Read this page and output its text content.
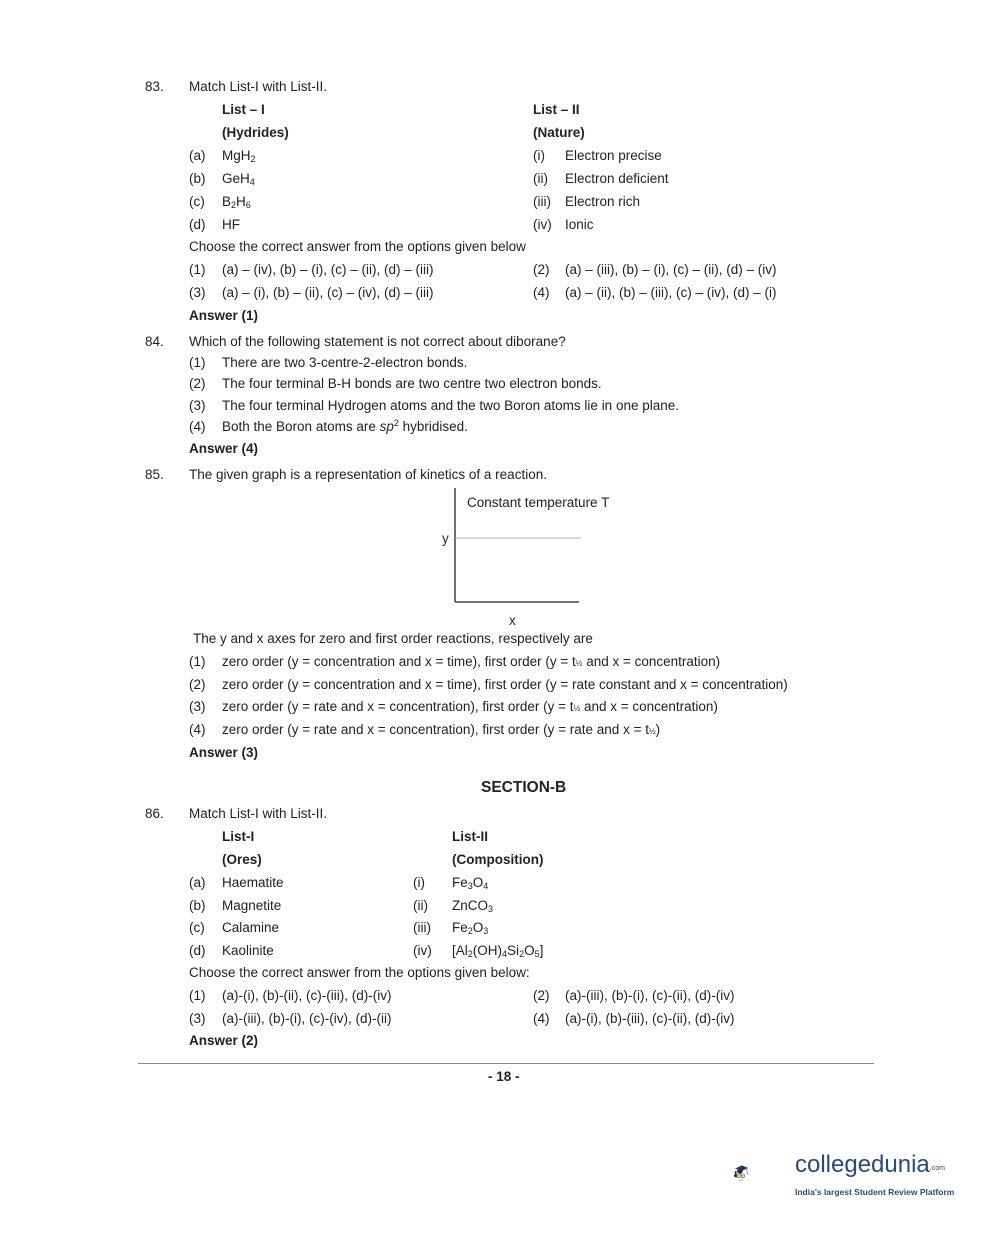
83. Match List-I with List-II.
List – I	List – II
(Hydrides)	(Nature)
(a) MgH$_2$	(i) Electron precise
(b) GeH$_4$	(ii) Electron deficient
(c) $B_2H_6$	(iii) Electron rich
(d) HF	(iv) Ionic
Choose the correct answer from the options given below
(1) (a) – (iv), (b) – (i), (c) – (ii), (d) – (iii)	(2) (a) – (iii), (b) – (i), (c) – (ii), (d) – (iv)
(3) (a) – (i), (b) – (ii), (c) – (iv), (d) – (iii)	(4) (a) – (ii), (b) – (iii), (c) – (iv), (d) – (i)
Answer (1)
84. Which of the following statement is not correct about diborane?
(1) There are two 3-centre-2-electron bonds.
(2) The four terminal B-H bonds are two centre two electron bonds.
(3) The four terminal Hydrogen atoms and the two Boron atoms lie in one plane.
(4) Both the Boron atoms are $sp^2$ hybridised.
Answer (4)
85. The given graph is a representation of kinetics of a reaction.
Constant temperature T
y
x
The y and x axes for zero and first order reactions, respectively are
(1) zero order (y = concentration and x = time), first order (y = t½ and x = concentration)
(2) zero order (y = concentration and x = time), first order (y = rate constant and x = concentration)
(3) zero order (y = rate and x = concentration), first order (y = t½ and x = concentration)
(4) zero order (y = rate and x = concentration), first order (y = rate and x = t½)
Answer (3)
SECTION-B
86. Match List-I with List-II.
List-I	List-II
(Ores)	(Composition)
(a) Haematite	(i) $Fe_3O_4$
(b) Magnetite	(ii) ZnCO$_3$
(c) Calamine	(iii) $Fe_2O_3$
(d) Kaolinite	(iv) $[Al_2(OH)_4Si_2O_5]$
Choose the correct answer from the options given below:
(1) (a)-(i), (b)-(ii), (c)-(iii), (d)-(iv)	(2) (a)-(iii), (b)-(i), (c)-(ii), (d)-(iv)
(3) (a)-(iii), (b)-(i), (c)-(iv), (d)-(ii)	(4) (a)-(i), (b)-(iii), (c)-(ii), (d)-(iv)
Answer (2)
- 18 -
collegedunia.com
India's largest Student Review Platform
